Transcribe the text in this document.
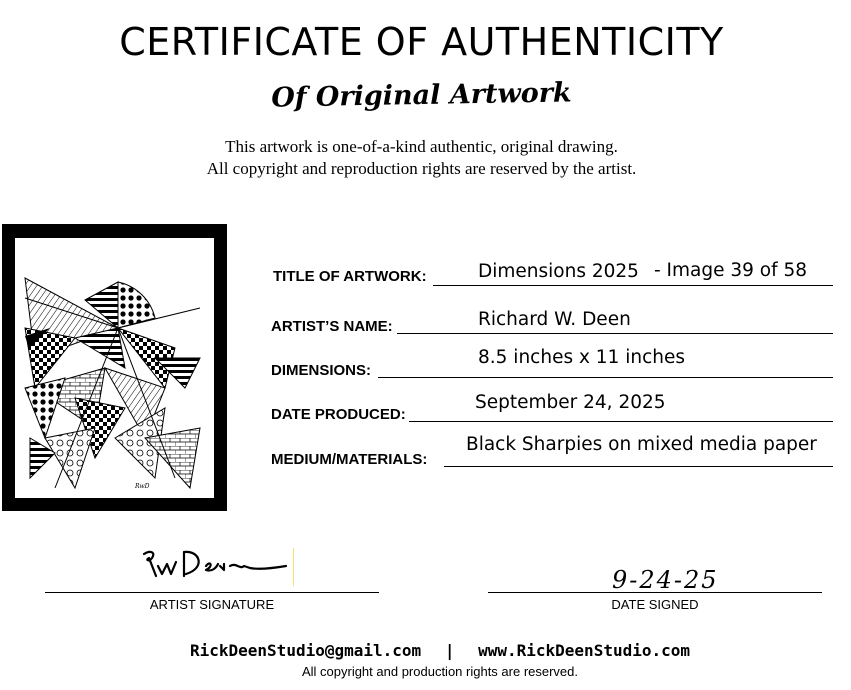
CERTIFICATE OF AUTHENTICITY
Of Original Artwork
This artwork is one-of-a-kind authentic, original drawing.
All copyright and reproduction rights are reserved by the artist.
RwD
TITLE OF ARTWORK:	Dimensions 2025 - Image 39 of 58
ARTIST’S NAME:	Richard W. Deen
DIMENSIONS:
8.5 inches x 11 inches
DATE PRODUCED:
September 24, 2025
MEDIUM/MATERIALS:
Black Sharpies on mixed media paper
ARTIST SIGNATURE
9-24-25
DATE SIGNED
RickDeenStudio@gmail.com | www.RickDeenStudio.com
All copyright and production rights are reserved.
